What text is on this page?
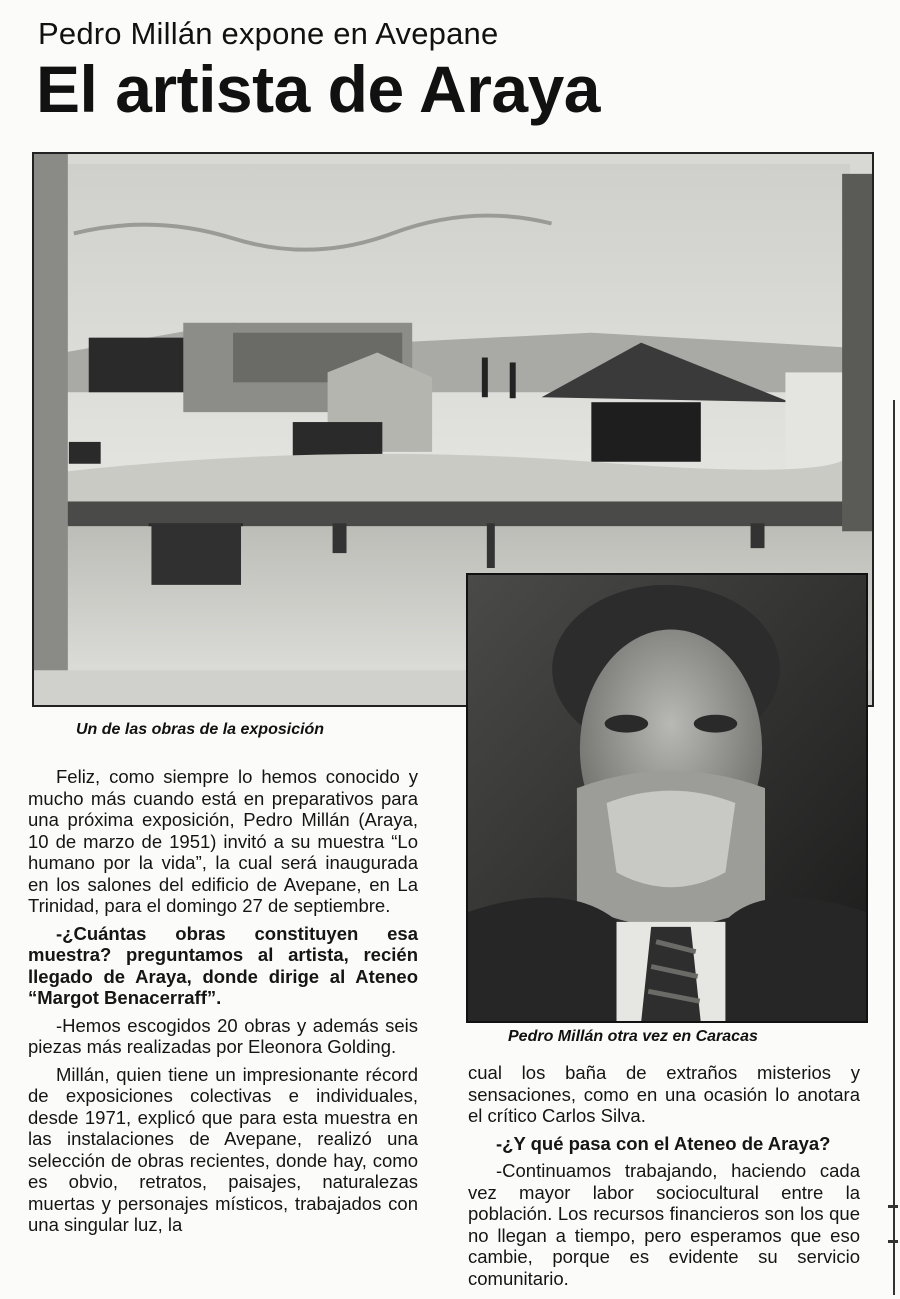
Pedro Millán expone en Avepane
El artista de Araya

Un de las obras de la exposición

Pedro Millán otra vez en Caracas

Feliz, como siempre lo hemos conocido y mucho más cuando está en preparativos para una próxima exposición, Pedro Millán (Araya, 10 de marzo de 1951) invitó a su muestra “Lo humano por la vida”, la cual será inaugurada en los salones del edificio de Avepane, en La Trinidad, para el domingo 27 de septiembre.

-¿Cuántas obras constituyen esa muestra? preguntamos al artista, recién llegado de Araya, donde dirige al Ateneo “Margot Benacerraff”.

-Hemos escogidos 20 obras y además seis piezas más realizadas por Eleonora Golding.

Millán, quien tiene un impresionante récord de exposiciones colectivas e individuales, desde 1971, explicó que para esta muestra en las instalaciones de Avepane, realizó una selección de obras recientes, donde hay, como es obvio, retratos, paisajes, naturalezas muertas y personajes místicos, trabajados con una singular luz, la

cual los baña de extraños misterios y sensaciones, como en una ocasión lo anotara el crítico Carlos Silva.

-¿Y qué pasa con el Ateneo de Araya?

-Continuamos trabajando, haciendo cada vez mayor labor sociocultural entre la población. Los recursos financieros son los que no llegan a tiempo, pero esperamos que eso cambie, porque es evidente su servicio comunitario.
